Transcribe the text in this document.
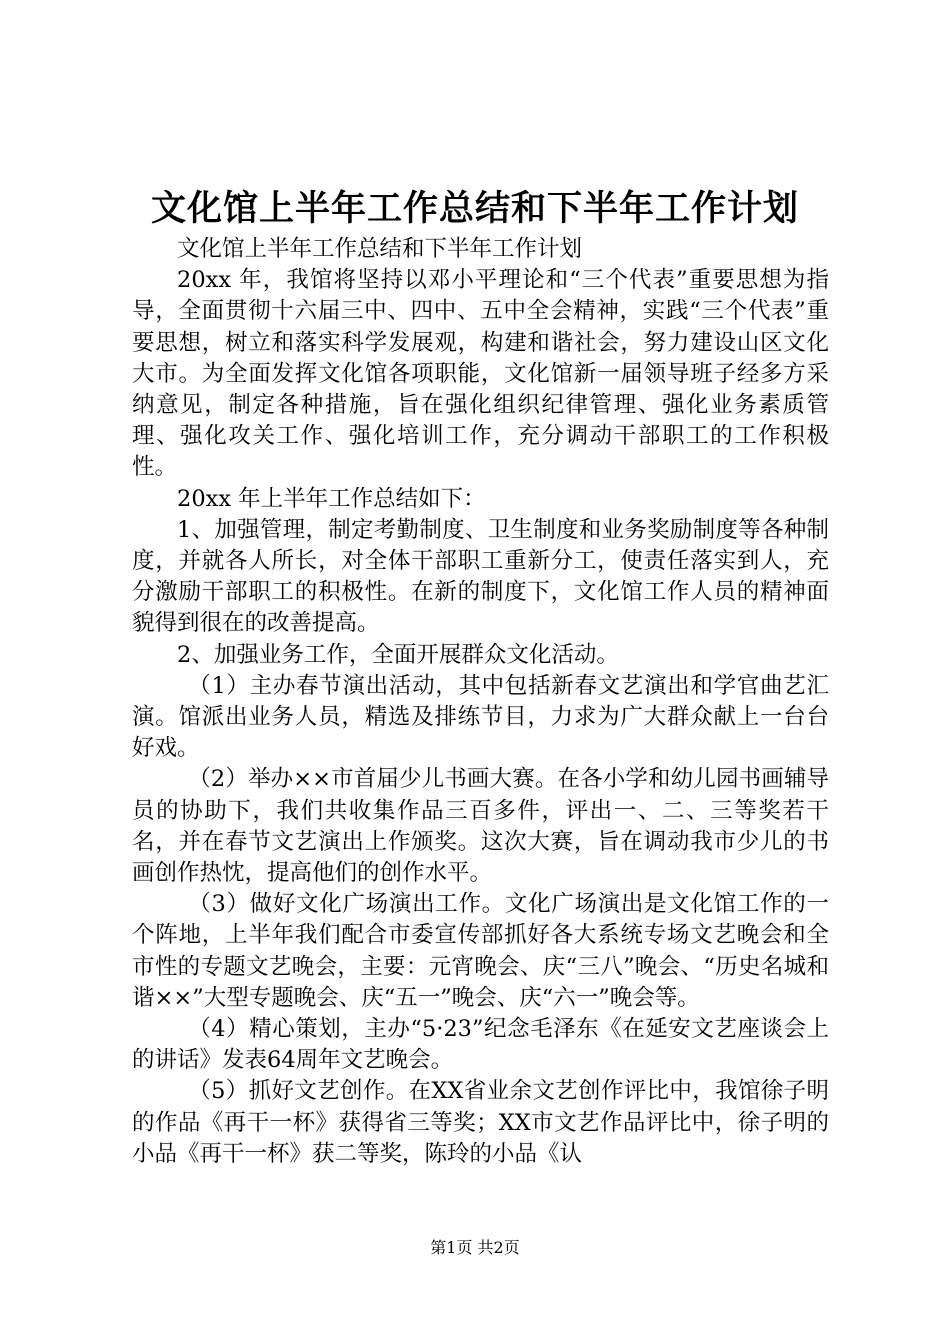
文化馆上半年工作总结和下半年工作计划

文化馆上半年工作总结和下半年工作计划

20xx 年，我馆将坚持以邓小平理论和“三个代表”重要思想为指导，全面贯彻十六届三中、四中、五中全会精神，实践“三个代表”重要思想，树立和落实科学发展观，构建和谐社会，努力建设山区文化大市。为全面发挥文化馆各项职能，文化馆新一届领导班子经多方采纳意见，制定各种措施，旨在强化组织纪律管理、强化业务素质管理、强化攻关工作、强化培训工作，充分调动干部职工的工作积极性。

20xx 年上半年工作总结如下：

1、加强管理，制定考勤制度、卫生制度和业务奖励制度等各种制度，并就各人所长，对全体干部职工重新分工，使责任落实到人，充分激励干部职工的积极性。在新的制度下，文化馆工作人员的精神面貌得到很在的改善提高。

2、加强业务工作，全面开展群众文化活动。

（1）主办春节演出活动，其中包括新春文艺演出和学官曲艺汇演。馆派出业务人员，精选及排练节目，力求为广大群众献上一台台好戏。

（2）举办××市首届少儿书画大赛。在各小学和幼儿园书画辅导员的协助下，我们共收集作品三百多件，评出一、二、三等奖若干名，并在春节文艺演出上作颁奖。这次大赛，旨在调动我市少儿的书画创作热忱，提高他们的创作水平。

（3）做好文化广场演出工作。文化广场演出是文化馆工作的一个阵地，上半年我们配合市委宣传部抓好各大系统专场文艺晚会和全市性的专题文艺晚会，主要：元宵晚会、庆“三八”晚会、“历史名城和谐××”大型专题晚会、庆“五一”晚会、庆“六一”晚会等。

（4）精心策划，主办“5·23”纪念毛泽东《在延安文艺座谈会上的讲话》发表64周年文艺晚会。

（5）抓好文艺创作。在XX省业余文艺创作评比中，我馆徐子明的作品《再干一杯》获得省三等奖；XX市文艺作品评比中，徐子明的小品《再干一杯》获二等奖，陈玲的小品《认

第1页 共2页
